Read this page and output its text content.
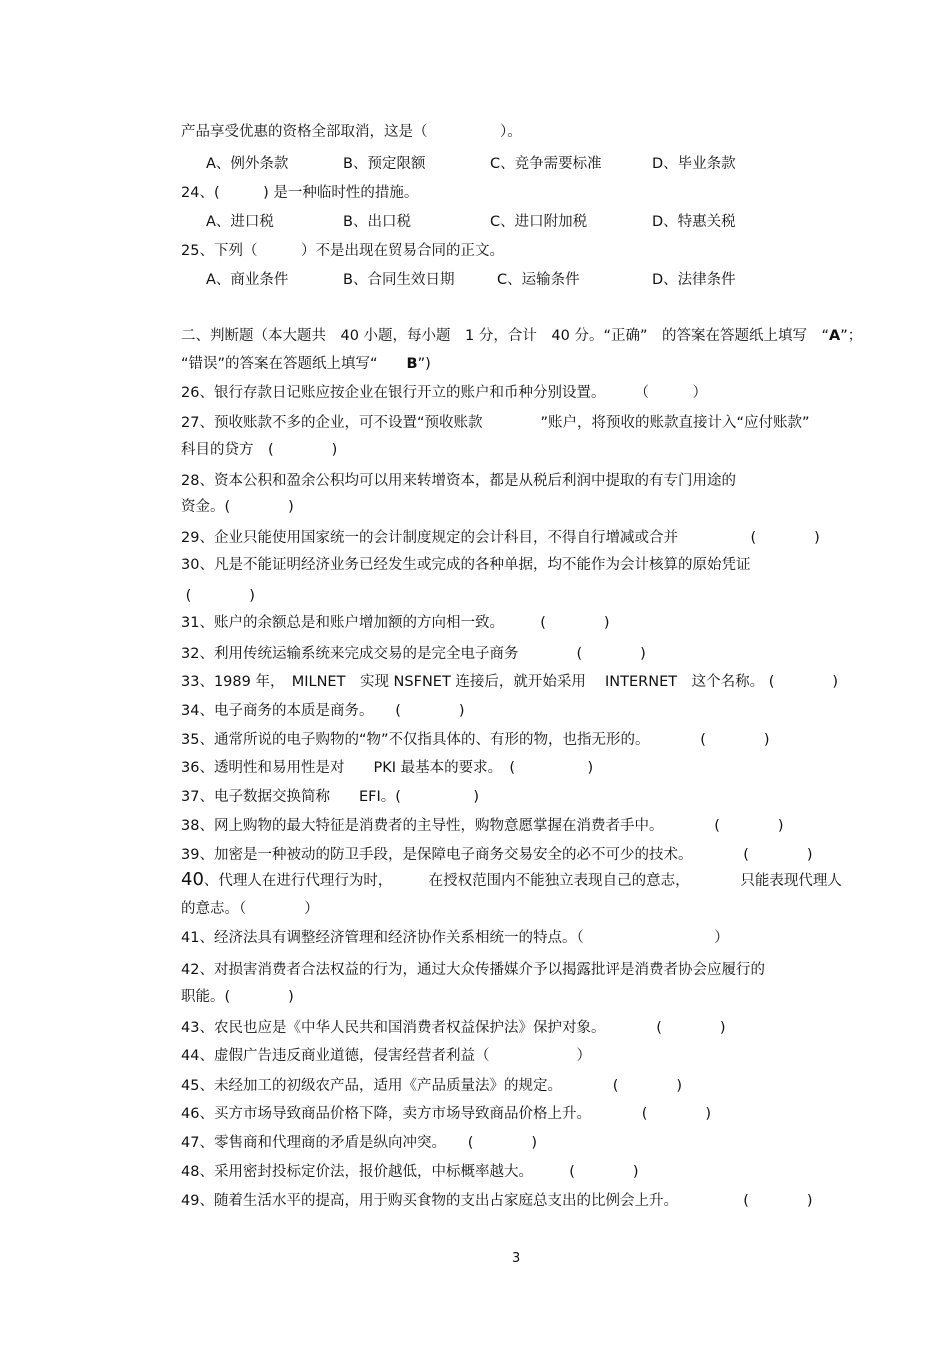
产品享受优惠的资格全部取消，这是（　　　　　）。
A、例外条款	B、预定限额	C、竞争需要标准	D、毕业条款
24、(　　　) 是一种临时性的措施。
A、进口税	B、出口税	C、进口附加税	D、特惠关税
25、下列（　　　）不是出现在贸易合同的正文。
A、商业条件	B、合同生效日期	C、运输条件	D、法律条件
二、判断题（本大题共　40 小题，每小题　1 分，合计　40 分。“正确”　的答案在答题纸上填写　“A”；
“错误”的答案在答题纸上填写“　　B”)
26、银行存款日记账应按企业在银行开立的账户和币种分别设置。　　　（　　　）
27、预收账款不多的企业，可不设置“预收账款　　　　”账户，将预收的账款直接计入“应付账款”
科目的贷方　(　　　　)
28、资本公积和盈余公积均可以用来转增资本，都是从税后利润中提取的有专门用途的
资金。(　　　　)
29、企业只能使用国家统一的会计制度规定的会计科目，不得自行增减或合并　　　　　(　　　　)
30、凡是不能证明经济业务已经发生或完成的各种单据，均不能作为会计核算的原始凭证
(　　　　)
31、账户的余额总是和账户增加额的方向相一致。　　　(　　　　)
32、利用传统运输系统来完成交易的是完全电子商务　　　　(　　　　)
33、1989 年，　MILNET　实现 NSFNET 连接后，就开始采用　 INTERNET　这个名称。 (　　　　)
34、电子商务的本质是商务。　　(　　　　)
35、通常所说的电子购物的“物”不仅指具体的、有形的物，也指无形的。　　　　(　　　　)
36、透明性和易用性是对　　PKI 最基本的要求。　(　　　　　)
37、电子数据交换简称　　EFI。(　　　　　)
38、网上购物的最大特征是消费者的主导性，购物意愿掌握在消费者手中。　　　　(　　　　)
39、加密是一种被动的防卫手段，是保障电子商务交易安全的必不可少的技术。　　　　(　　　　)
40、代理人在进行代理行为时，　　　在授权范围内不能独立表现自己的意志，　　　　只能表现代理人
的意志。（　　　　）
41、经济法具有调整经济管理和经济协作关系相统一的特点。（　　　　　　　　　）
42、对损害消费者合法权益的行为，通过大众传播媒介予以揭露批评是消费者协会应履行的
职能。(　　　　)
43、农民也应是《中华人民共和国消费者权益保护法》保护对象。　　　　(　　　　)
44、虚假广告违反商业道德，侵害经营者利益（　　　　　　）
45、未经加工的初级农产品，适用《产品质量法》的规定。　　　　(　　　　)
46、买方市场导致商品价格下降，卖方市场导致商品价格上升。　　　　(　　　　)
47、零售商和代理商的矛盾是纵向冲突。　　(　　　　)
48、采用密封投标定价法，报价越低，中标概率越大。　　　(　　　　)
49、随着生活水平的提高，用于购买食物的支出占家庭总支出的比例会上升。　　　　　(　　　　)
3
